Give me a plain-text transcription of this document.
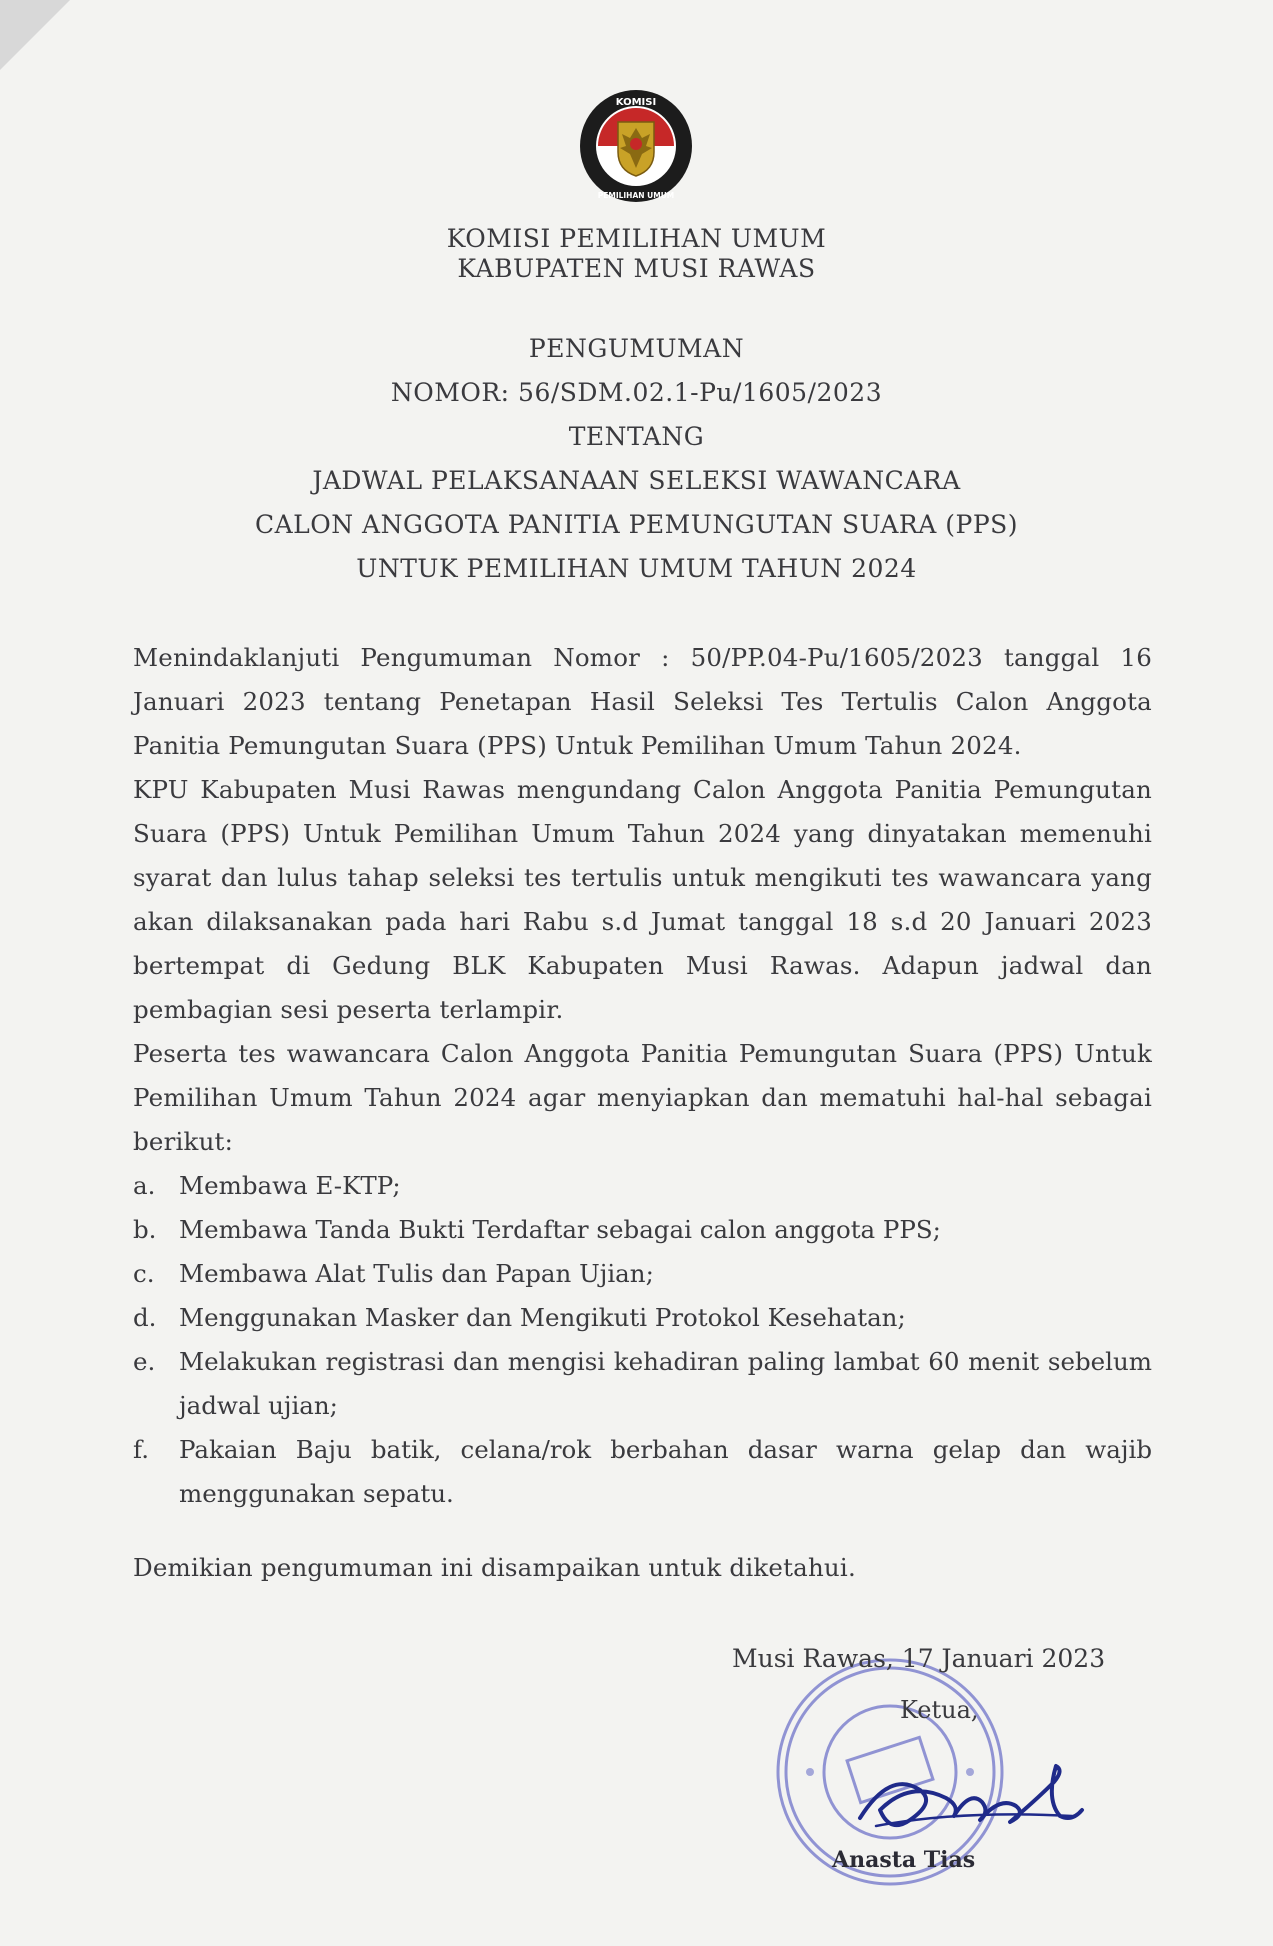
KOMISI
PEMILIHAN UMUM
KOMISI PEMILIHAN UMUM
KABUPATEN MUSI RAWAS
PENGUMUMAN
NOMOR: 56/SDM.02.1-Pu/1605/2023
TENTANG
JADWAL PELAKSANAAN SELEKSI WAWANCARA
CALON ANGGOTA PANITIA PEMUNGUTAN SUARA (PPS)
UNTUK PEMILIHAN UMUM TAHUN 2024
Menindaklanjuti Pengumuman Nomor : 50/PP.04-Pu/1605/2023 tanggal 16 Januari 2023 tentang Penetapan Hasil Seleksi Tes Tertulis Calon Anggota Panitia Pemungutan Suara (PPS) Untuk Pemilihan Umum Tahun 2024.
KPU Kabupaten Musi Rawas mengundang Calon Anggota Panitia Pemungutan Suara (PPS) Untuk Pemilihan Umum Tahun 2024 yang dinyatakan memenuhi syarat dan lulus tahap seleksi tes tertulis untuk mengikuti tes wawancara yang akan dilaksanakan pada hari Rabu s.d Jumat tanggal 18 s.d 20 Januari 2023 bertempat di Gedung BLK Kabupaten Musi Rawas. Adapun jadwal dan pembagian sesi peserta terlampir.
Peserta tes wawancara Calon Anggota Panitia Pemungutan Suara (PPS) Untuk Pemilihan Umum Tahun 2024 agar menyiapkan dan mematuhi hal-hal sebagai berikut:
a. Membawa E-KTP;
b. Membawa Tanda Bukti Terdaftar sebagai calon anggota PPS;
c. Membawa Alat Tulis dan Papan Ujian;
d. Menggunakan Masker dan Mengikuti Protokol Kesehatan;
e. Melakukan registrasi dan mengisi kehadiran paling lambat 60 menit sebelum jadwal ujian;
f.	Pakaian Baju batik, celana/rok berbahan dasar warna gelap dan wajib menggunakan sepatu.
Demikian pengumuman ini disampaikan untuk diketahui.
Musi Rawas, 17 Januari 2023
Ketua,
Anasta Tias
